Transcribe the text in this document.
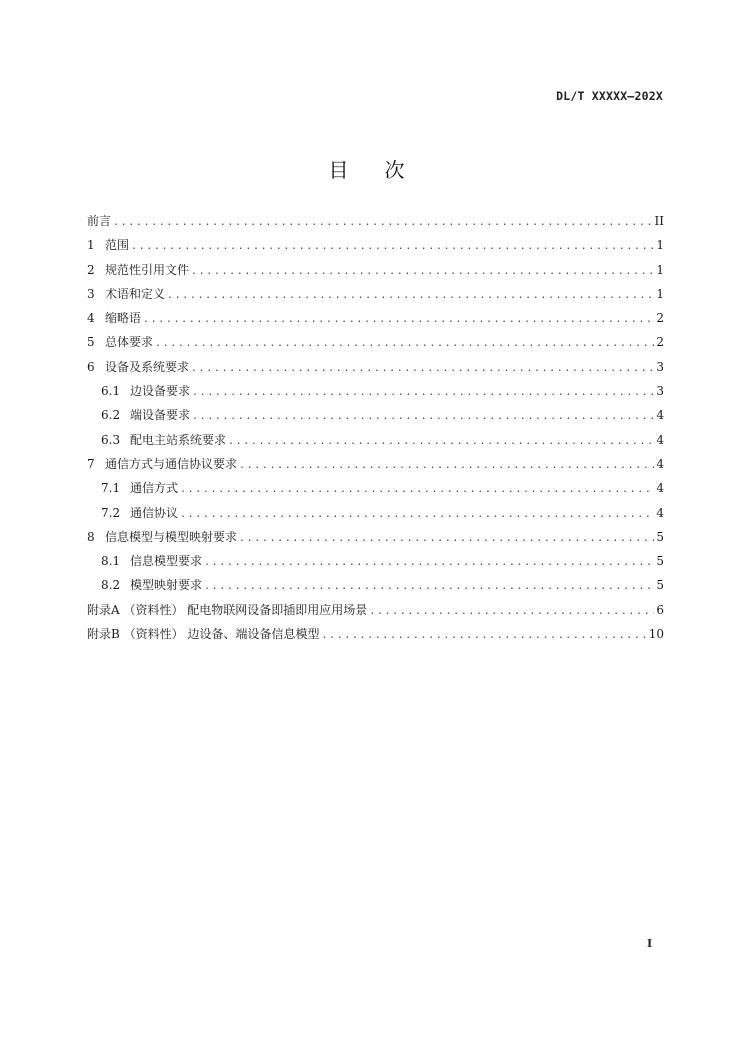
DL/T XXXXX—202X
目 次
前言 .....	II
1 范围 .....	1
2 规范性引用文件 .....	1
3 术语和定义 .....	1
4 缩略语 .....	2
5 总体要求 .....	2
6 设备及系统要求 .....	3
6.1 边设备要求 .....	3
6.2 端设备要求 .....	4
6.3 配电主站系统要求 .....	4
7 通信方式与通信协议要求 .....	4
7.1 通信方式 .....	4
7.2 通信协议 .....	4
8 信息模型与模型映射要求 .....	5
8.1 信息模型要求 .....	5
8.2 模型映射要求 .....	5
附录A （资料性） 配电物联网设备即插即用应用场景 .....	6
附录B （资料性） 边设备、端设备信息模型 .....	10
I
